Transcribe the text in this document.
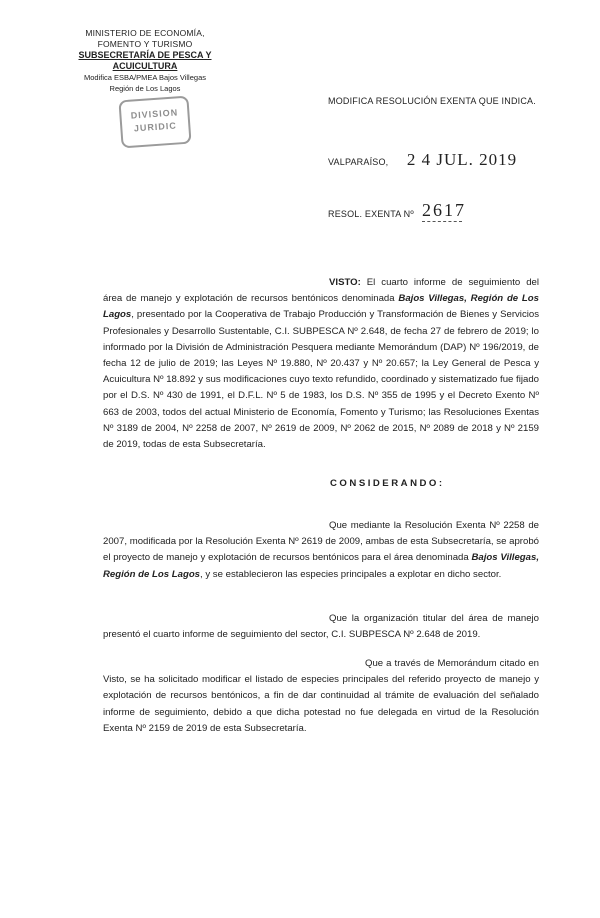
MINISTERIO DE ECONOMÍA,
FOMENTO Y TURISMO
SUBSECRETARÍA DE PESCA Y ACUICULTURA
Modifica ESBA/PMEA Bajos Villegas
Región de Los Lagos
DIVISION
JURIDIC
MODIFICA RESOLUCIÓN EXENTA QUE INDICA.
VALPARAÍSO, 2 4 JUL. 2019
RESOL. EXENTA Nº 2617
VISTO: El cuarto informe de seguimiento del área de manejo y explotación de recursos bentónicos denominada Bajos Villegas, Región de Los Lagos, presentado por la Cooperativa de Trabajo Producción y Transformación de Bienes y Servicios Profesionales y Desarrollo Sustentable, C.I. SUBPESCA Nº 2.648, de fecha 27 de febrero de 2019; lo informado por la División de Administración Pesquera mediante Memorándum (DAP) Nº 196/2019, de fecha 12 de julio de 2019; las Leyes Nº 19.880, Nº 20.437 y Nº 20.657; la Ley General de Pesca y Acuicultura Nº 18.892 y sus modificaciones cuyo texto refundido, coordinado y sistematizado fue fijado por el D.S. Nº 430 de 1991, el D.F.L. Nº 5 de 1983, los D.S. Nº 355 de 1995 y el Decreto Exento Nº 663 de 2003, todos del actual Ministerio de Economía, Fomento y Turismo; las Resoluciones Exentas Nº 3189 de 2004, Nº 2258 de 2007, Nº 2619 de 2009, Nº 2062 de 2015, Nº 2089 de 2018 y Nº 2159 de 2019, todas de esta Subsecretaría.
CONSIDERANDO:
Que mediante la Resolución Exenta Nº 2258 de 2007, modificada por la Resolución Exenta Nº 2619 de 2009, ambas de esta Subsecretaría, se aprobó el proyecto de manejo y explotación de recursos bentónicos para el área denominada Bajos Villegas, Región de Los Lagos, y se establecieron las especies principales a explotar en dicho sector.
Que la organización titular del área de manejo presentó el cuarto informe de seguimiento del sector, C.I. SUBPESCA Nº 2.648 de 2019.
Que a través de Memorándum citado en Visto, se ha solicitado modificar el listado de especies principales del referido proyecto de manejo y explotación de recursos bentónicos, a fin de dar continuidad al trámite de evaluación del señalado informe de seguimiento, debido a que dicha potestad no fue delegada en virtud de la Resolución Exenta Nº 2159 de 2019 de esta Subsecretaría.
